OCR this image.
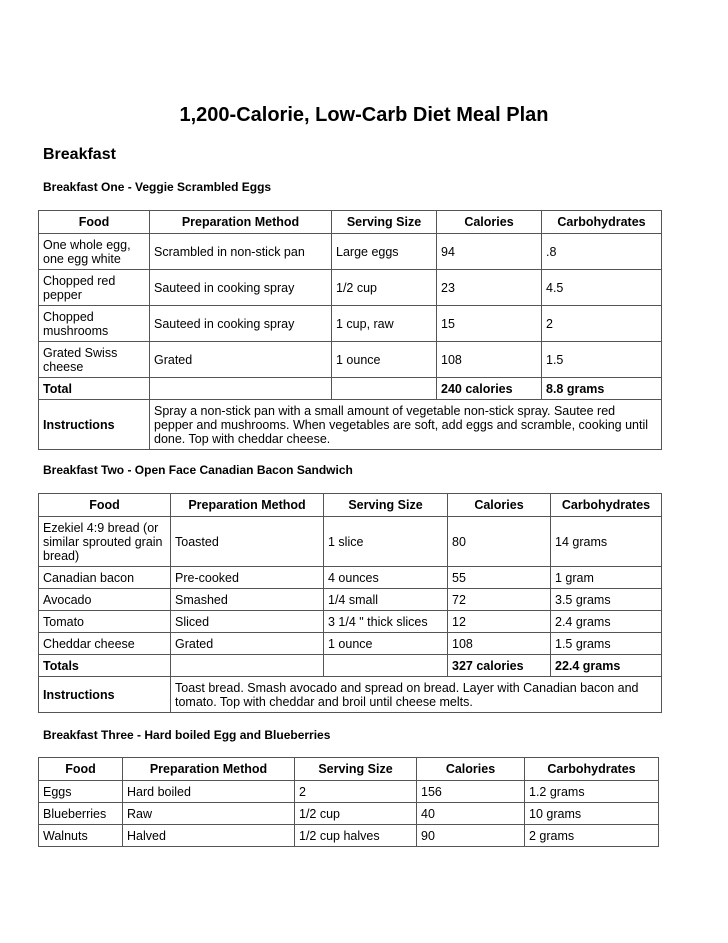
1,200-Calorie, Low-Carb Diet Meal Plan
Breakfast
Breakfast One - Veggie Scrambled Eggs
Food	Preparation Method	Serving Size	Calories	Carbohydrates
One whole egg, one egg white	Scrambled in non-stick pan	Large eggs	94	.8
Chopped red pepper	Sauteed in cooking spray	1/2 cup	23	4.5
Chopped mushrooms	Sauteed in cooking spray	1 cup, raw	15	2
Grated Swiss cheese	Grated	1 ounce	108	1.5
Total			240 calories	8.8 grams
Instructions	Spray a non-stick pan with a small amount of vegetable non-stick spray. Sautee red pepper and mushrooms. When vegetables are soft, add eggs and scramble, cooking until done. Top with cheddar cheese.			
Breakfast Two - Open Face Canadian Bacon Sandwich
Food	Preparation Method	Serving Size	Calories	Carbohydrates
Ezekiel 4:9 bread (or similar sprouted grain bread)	Toasted	1 slice	80	14 grams
Canadian bacon	Pre-cooked	4 ounces	55	1 gram
Avocado	Smashed	1/4 small	72	3.5 grams
Tomato	Sliced	3 1/4 " thick slices	12	2.4 grams
Cheddar cheese	Grated	1 ounce	108	1.5 grams
Totals			327 calories	22.4 grams
Instructions	Toast bread. Smash avocado and spread on bread. Layer with Canadian bacon and tomato. Top with cheddar and broil until cheese melts.			
Breakfast Three - Hard boiled Egg and Blueberries
Food	Preparation Method	Serving Size	Calories	Carbohydrates
Eggs	Hard boiled	2	156	1.2 grams
Blueberries	Raw	1/2 cup	40	10 grams
Walnuts	Halved	1/2 cup halves	90	2 grams
